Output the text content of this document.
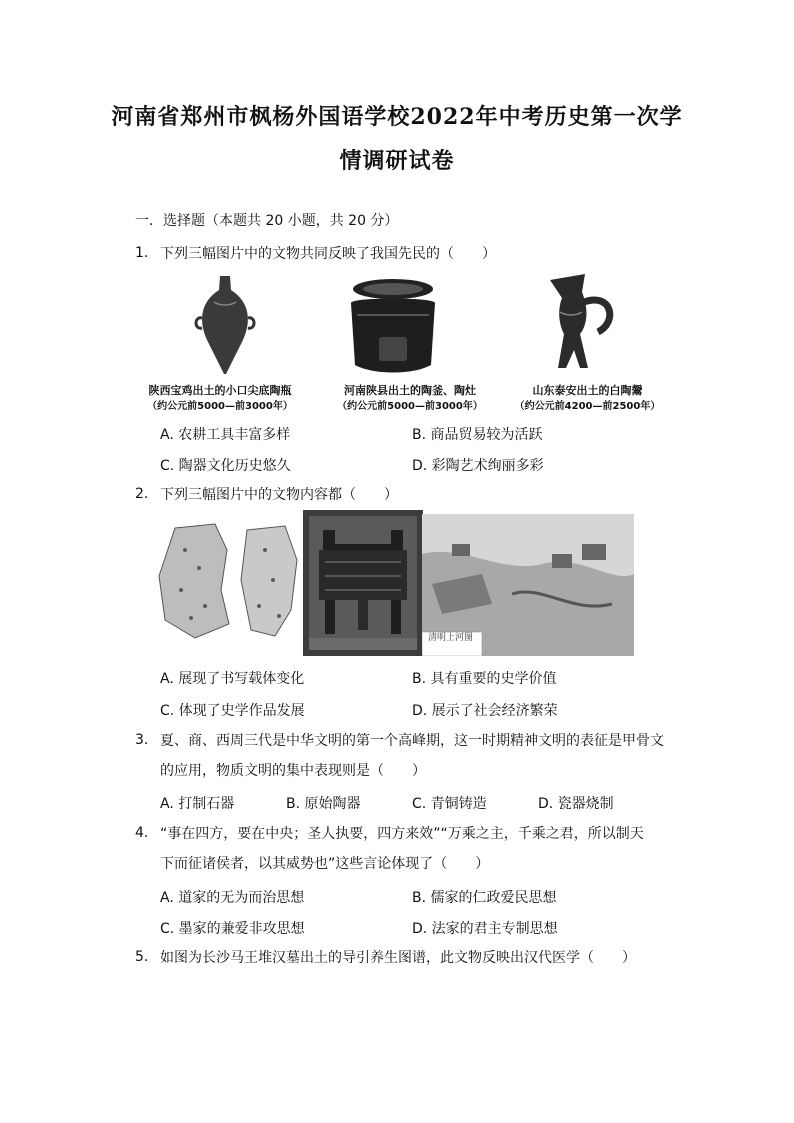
河南省郑州市枫杨外国语学校2022年中考历史第一次学
情调研试卷
一．选择题（本题共 20 小题，共 20 分）
1. 下列三幅图片中的文物共同反映了我国先民的（　　）
陕西宝鸡出土的小口尖底陶瓶
（约公元前5000—前3000年）
河南陕县出土的陶釜、陶灶
（约公元前5000—前3000年）
山东泰安出土的白陶鬶
（约公元前4200—前2500年）
A. 农耕工具丰富多样	B. 商品贸易较为活跃
C. 陶器文化历史悠久	D. 彩陶艺术绚丽多彩
2. 下列三幅图片中的文物内容都（　　）
清明上河图
A. 展现了书写载体变化	B. 具有重要的史学价值
C. 体现了史学作品发展	D. 展示了社会经济繁荣
3. 夏、商、西周三代是中华文明的第一个高峰期，这一时期精神文明的表征是甲骨文
的应用，物质文明的集中表现则是（　　）
A. 打制石器	B. 原始陶器	C. 青铜铸造	D. 瓷器烧制
4. “事在四方，要在中央；圣人执要，四方来效”“万乘之主，千乘之君，所以制天
下而征诸侯者，以其威势也”这些言论体现了（　　）
A. 道家的无为而治思想	B. 儒家的仁政爱民思想
C. 墨家的兼爱非攻思想	D. 法家的君主专制思想
5. 如图为长沙马王堆汉墓出土的导引养生图谱，此文物反映出汉代医学（　　）
